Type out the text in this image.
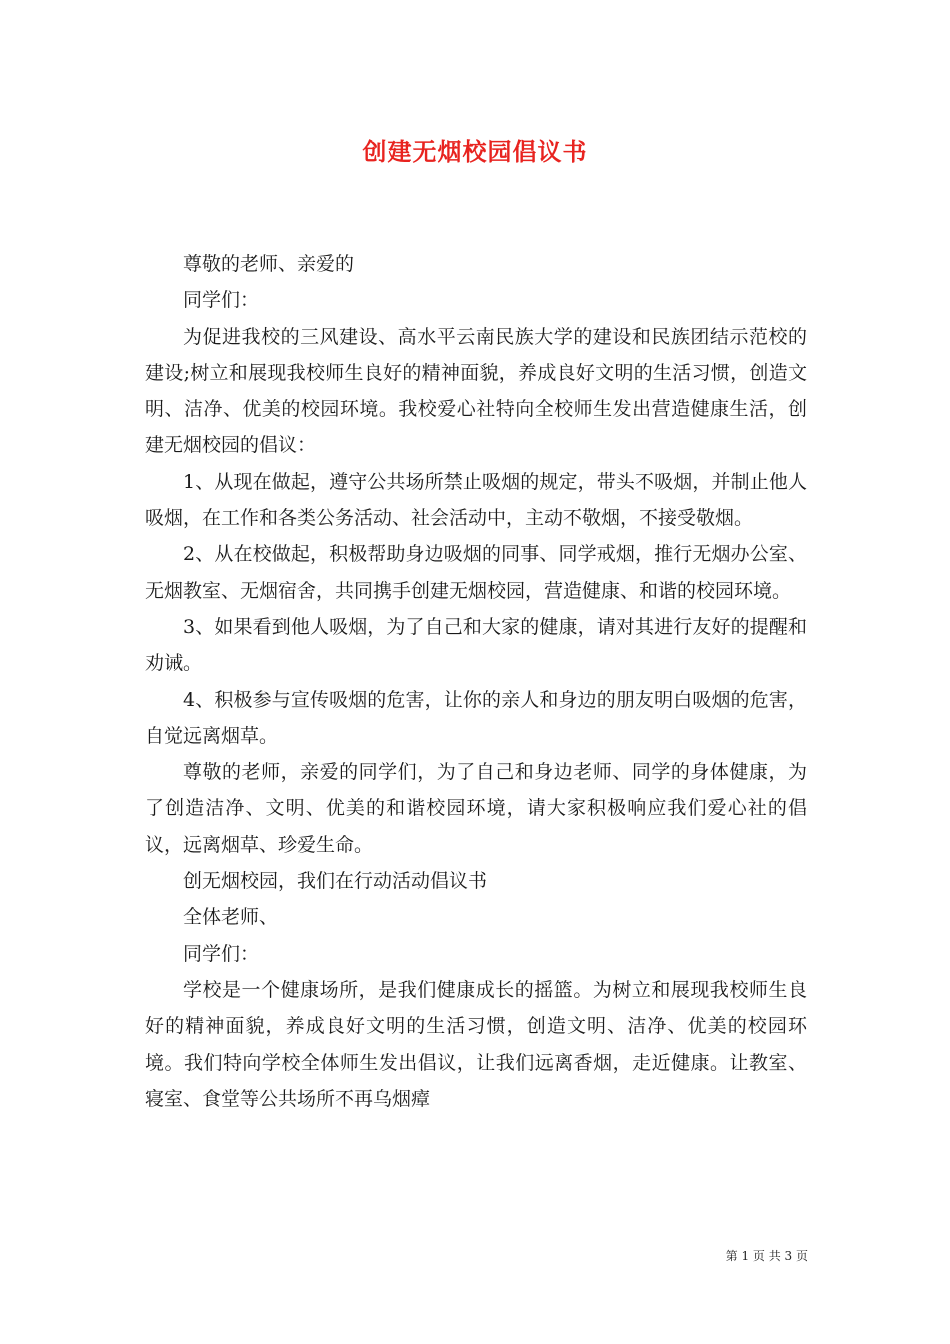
创建无烟校园倡议书

尊敬的老师、亲爱的

同学们：

为促进我校的三风建设、高水平云南民族大学的建设和民族团结示范校的建设;树立和展现我校师生良好的精神面貌，养成良好文明的生活习惯，创造文明、洁净、优美的校园环境。我校爱心社特向全校师生发出营造健康生活，创建无烟校园的倡议：

1、从现在做起，遵守公共场所禁止吸烟的规定，带头不吸烟，并制止他人吸烟，在工作和各类公务活动、社会活动中，主动不敬烟，不接受敬烟。

2、从在校做起，积极帮助身边吸烟的同事、同学戒烟，推行无烟办公室、无烟教室、无烟宿舍，共同携手创建无烟校园，营造健康、和谐的校园环境。

3、如果看到他人吸烟，为了自己和大家的健康，请对其进行友好的提醒和劝诫。

4、积极参与宣传吸烟的危害，让你的亲人和身边的朋友明白吸烟的危害，自觉远离烟草。

尊敬的老师，亲爱的同学们，为了自己和身边老师、同学的身体健康，为了创造洁净、文明、优美的和谐校园环境，请大家积极响应我们爱心社的倡议，远离烟草、珍爱生命。

创无烟校园，我们在行动活动倡议书

全体老师、

同学们：

学校是一个健康场所，是我们健康成长的摇篮。为树立和展现我校师生良好的精神面貌，养成良好文明的生活习惯，创造文明、洁净、优美的校园环境。我们特向学校全体师生发出倡议，让我们远离香烟，走近健康。让教室、寝室、食堂等公共场所不再乌烟瘴

第 1 页 共 3 页
